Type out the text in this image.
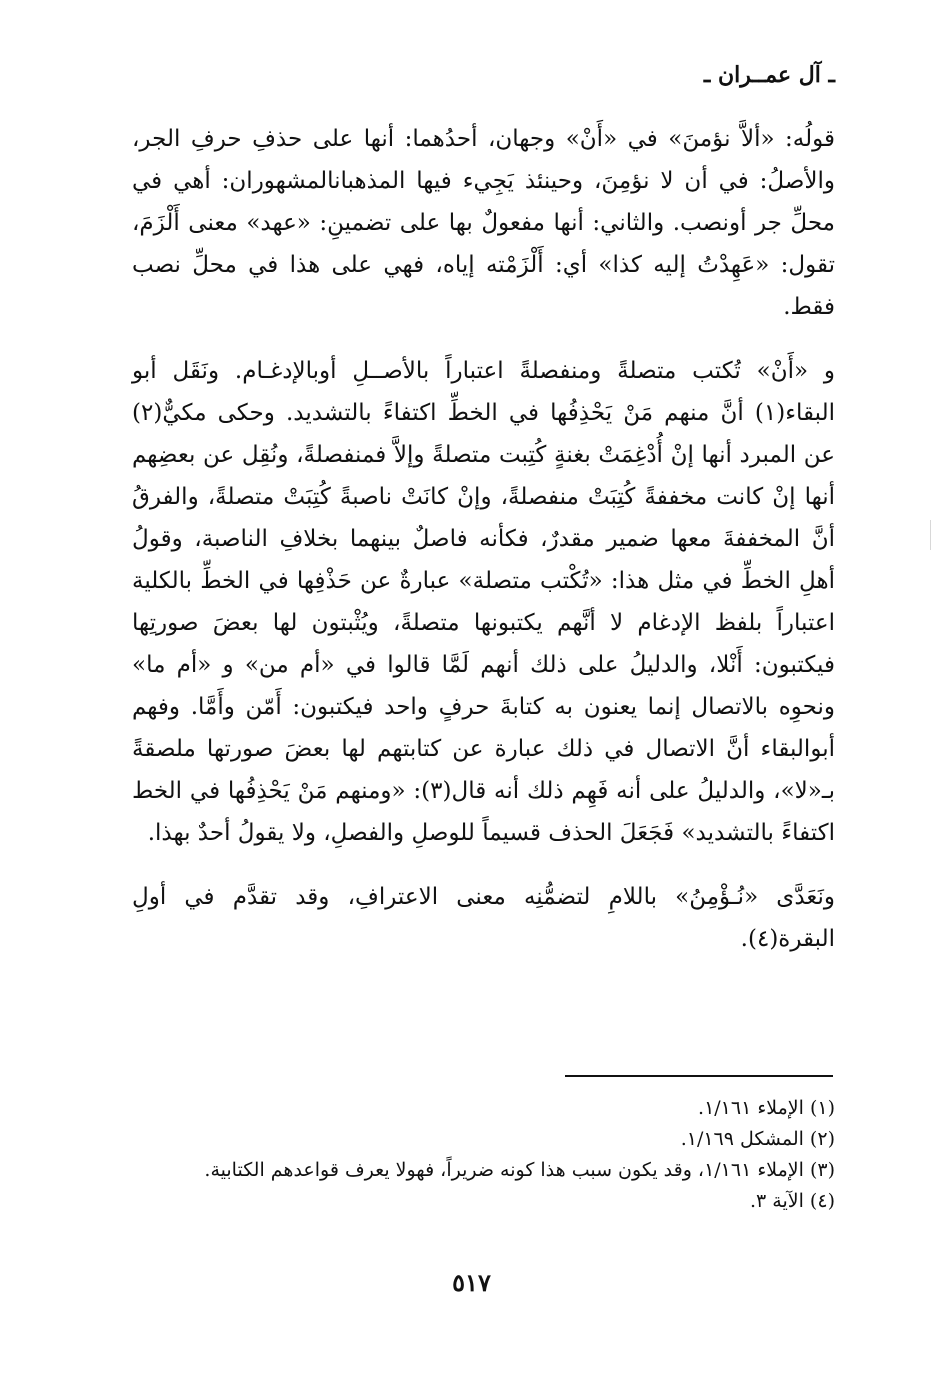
ـ آل عمــران ـ

قولُه: «ألاَّ نؤمنَ» في «أَنْ» وجهان، أحدُهما: أنها على حذفِ حرفِ الجر، والأصلُ: في أن لا نؤمِنَ، وحينئذ يَجِيء فيها المذهبانالمشهوران: أهي في محلِّ جر أونصب. والثاني: أنها مفعولٌ بها على تضمينِ: «عهد» معنى أَلْزَمَ، تقول: «عَهِدْتُ إليه كذا» أي: أَلْزَمْته إياه، فهي على هذا في محلِّ نصب فقط.

و «أَنْ» تُكتب متصلةً ومنفصلةً اعتباراً بالأصــلِ أوبالإدغـام. ونَقَل أبو البقاء(١) أنَّ منهم مَنْ يَحْذِفُها في الخطِّ اكتفاءً بالتشديد. وحكى مكيٌّ(٢) عن المبرد أنها إنْ أُدْغِمَتْ بغنةٍ كُتِبت متصلةً وإلاَّ فمنفصلةً، ونُقِل عن بعضِهم أنها إنْ كانت مخففةً كُتِبَتْ منفصلةً، وإنْ كانَتْ ناصبةً كُتِبَتْ متصلةً، والفرقُ أنَّ المخففةَ معها ضمير مقدرٌ، فكأنه فاصلٌ بينهما بخلافِ الناصبة، وقولُ أهلِ الخطِّ في مثل هذا: «تُكْتب متصلة» عبارةٌ عن حَذْفِها في الخطِّ بالكلية اعتباراً بلفظ الإدغام لا أنَّهم يكتبونها متصلةً، ويُثْبتون لها بعضَ صورتِها فيكتبون: أَنْلا، والدليلُ على ذلك أنهم لَمَّا قالوا في «أم من» و «أم ما» ونحوِه بالاتصال إنما يعنون به كتابةَ حرفٍ واحد فيكتبون: أَمّن وأَمَّا. وفهم أبوالبقاء أنَّ الاتصال في ذلك عبارة عن كتابتهم لها بعضَ صورتها ملصقةً بـ«لا»، والدليلُ على أنه فَهِم ذلك أنه قال(٣): «ومنهم مَنْ يَحْذِفُها في الخط اكتفاءً بالتشديد» فَجَعَلَ الحذف قسيماً للوصلِ والفصلِ، ولا يقولُ أحدٌ بهذا.

ونَعَدَّى «نُـؤْمِنُ» باللامِ لتضمُّنِه معنى الاعترافِ، وقد تقدَّم في أولِ البقرة(٤).

(١) الإملاء ١/١٦١.

(٢) المشكل ١/١٦٩.

(٣) الإملاء ١/١٦١، وقد يكون سبب هذا كونه ضريراً، فهولا يعرف قواعدهم الكتابية.

(٤) الآية ٣.

٥١٧
